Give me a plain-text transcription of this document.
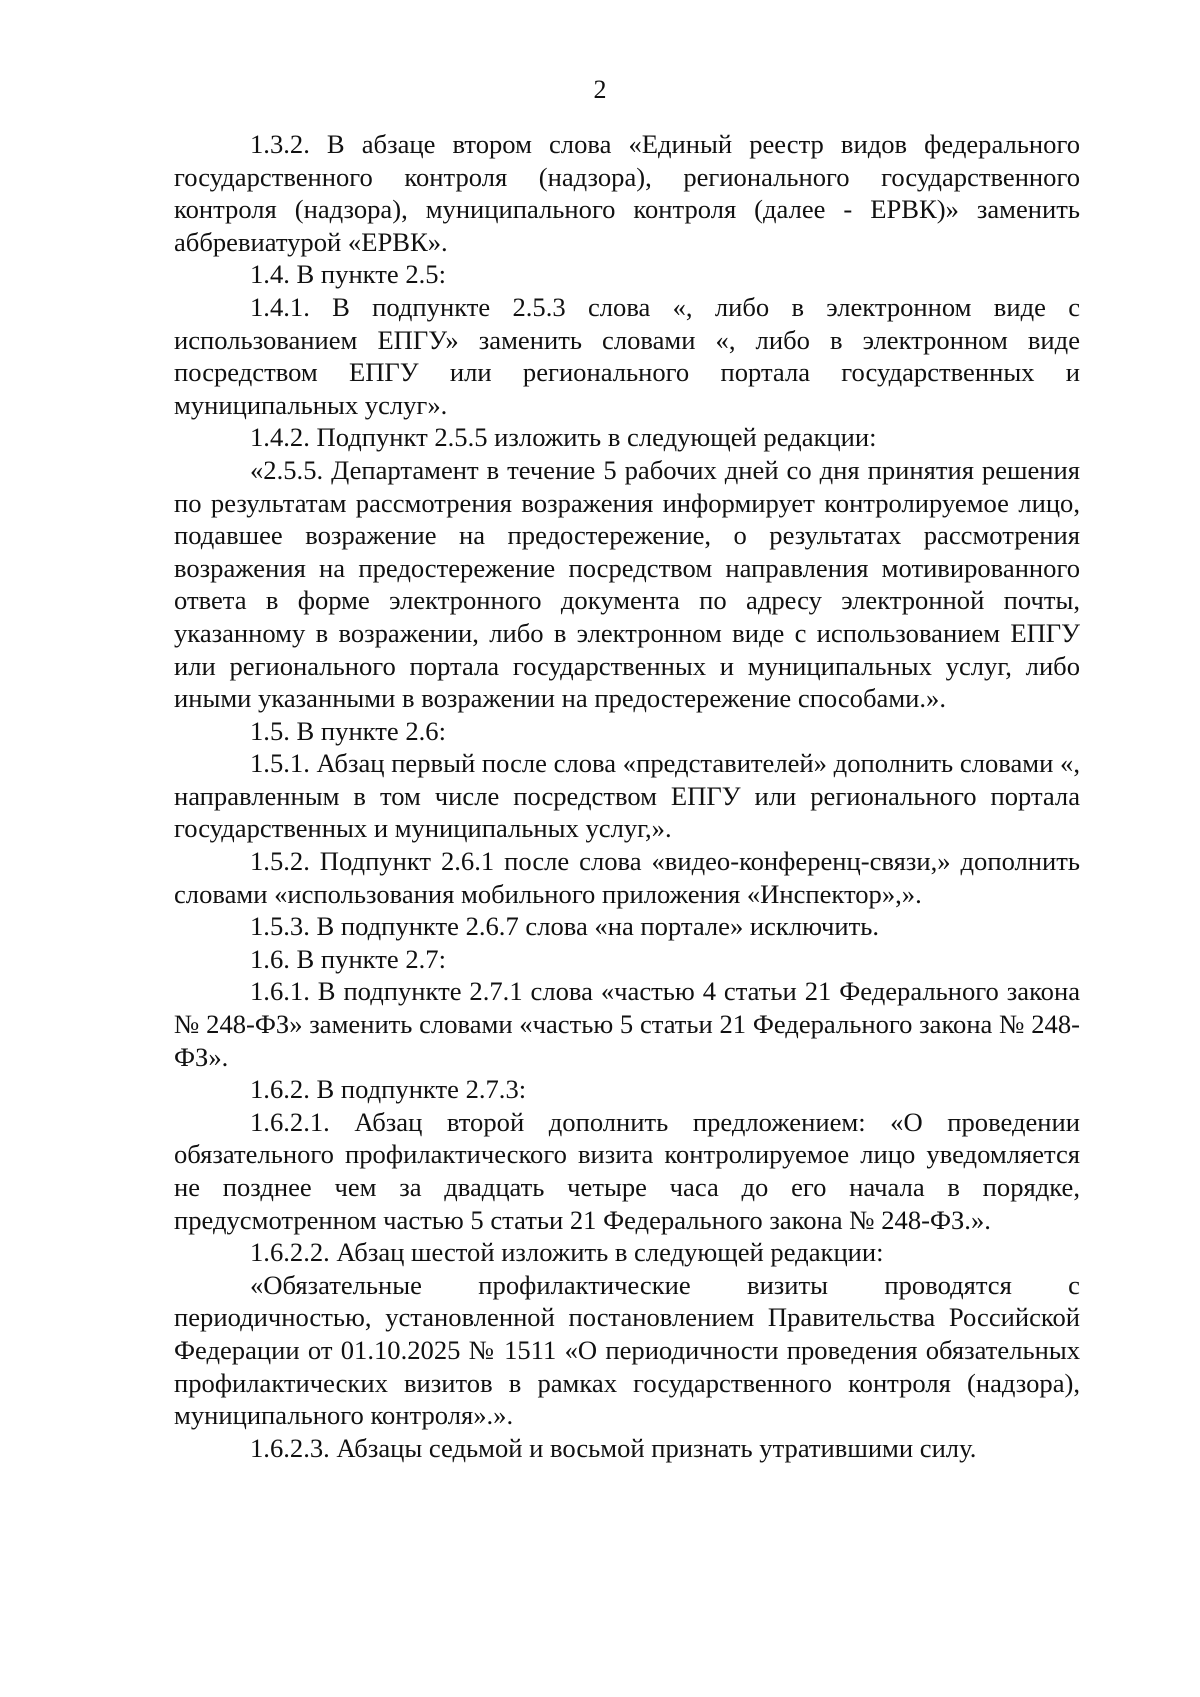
2

1.3.2. В абзаце втором слова «Единый реестр видов федерального государственного контроля (надзора), регионального государственного контроля (надзора), муниципального контроля (далее - ЕРВК)» заменить аббревиатурой «ЕРВК».

1.4. В пункте 2.5:

1.4.1. В подпункте 2.5.3 слова «, либо в электронном виде с использованием ЕПГУ» заменить словами «, либо в электронном виде посредством ЕПГУ или регионального портала государственных и муниципальных услуг».

1.4.2. Подпункт 2.5.5 изложить в следующей редакции:

«2.5.5. Департамент в течение 5 рабочих дней со дня принятия решения по результатам рассмотрения возражения информирует контролируемое лицо, подавшее возражение на предостережение, о результатах рассмотрения возражения на предостережение посредством направления мотивированного ответа в форме электронного документа по адресу электронной почты, указанному в возражении, либо в электронном виде с использованием ЕПГУ или регионального портала государственных и муниципальных услуг, либо иными указанными в возражении на предостережение способами.».

1.5. В пункте 2.6:

1.5.1. Абзац первый после слова «представителей» дополнить словами «, направленным в том числе посредством ЕПГУ или регионального портала государственных и муниципальных услуг,».

1.5.2. Подпункт 2.6.1 после слова «видео-конференц-связи,» дополнить словами «использования мобильного приложения «Инспектор»,».

1.5.3. В подпункте 2.6.7 слова «на портале» исключить.

1.6. В пункте 2.7:

1.6.1. В подпункте 2.7.1 слова «частью 4 статьи 21 Федерального закона № 248-ФЗ» заменить словами «частью 5 статьи 21 Федерального закона № 248-ФЗ».

1.6.2. В подпункте 2.7.3:

1.6.2.1. Абзац второй дополнить предложением: «О проведении обязательного профилактического визита контролируемое лицо уведомляется не позднее чем за двадцать четыре часа до его начала в порядке, предусмотренном частью 5 статьи 21 Федерального закона № 248-ФЗ.».

1.6.2.2. Абзац шестой изложить в следующей редакции:

«Обязательные профилактические визиты проводятся с периодичностью, установленной постановлением Правительства Российской Федерации от 01.10.2025 № 1511 «О периодичности проведения обязательных профилактических визитов в рамках государственного контроля (надзора), муниципального контроля».».

1.6.2.3. Абзацы седьмой и восьмой признать утратившими силу.
